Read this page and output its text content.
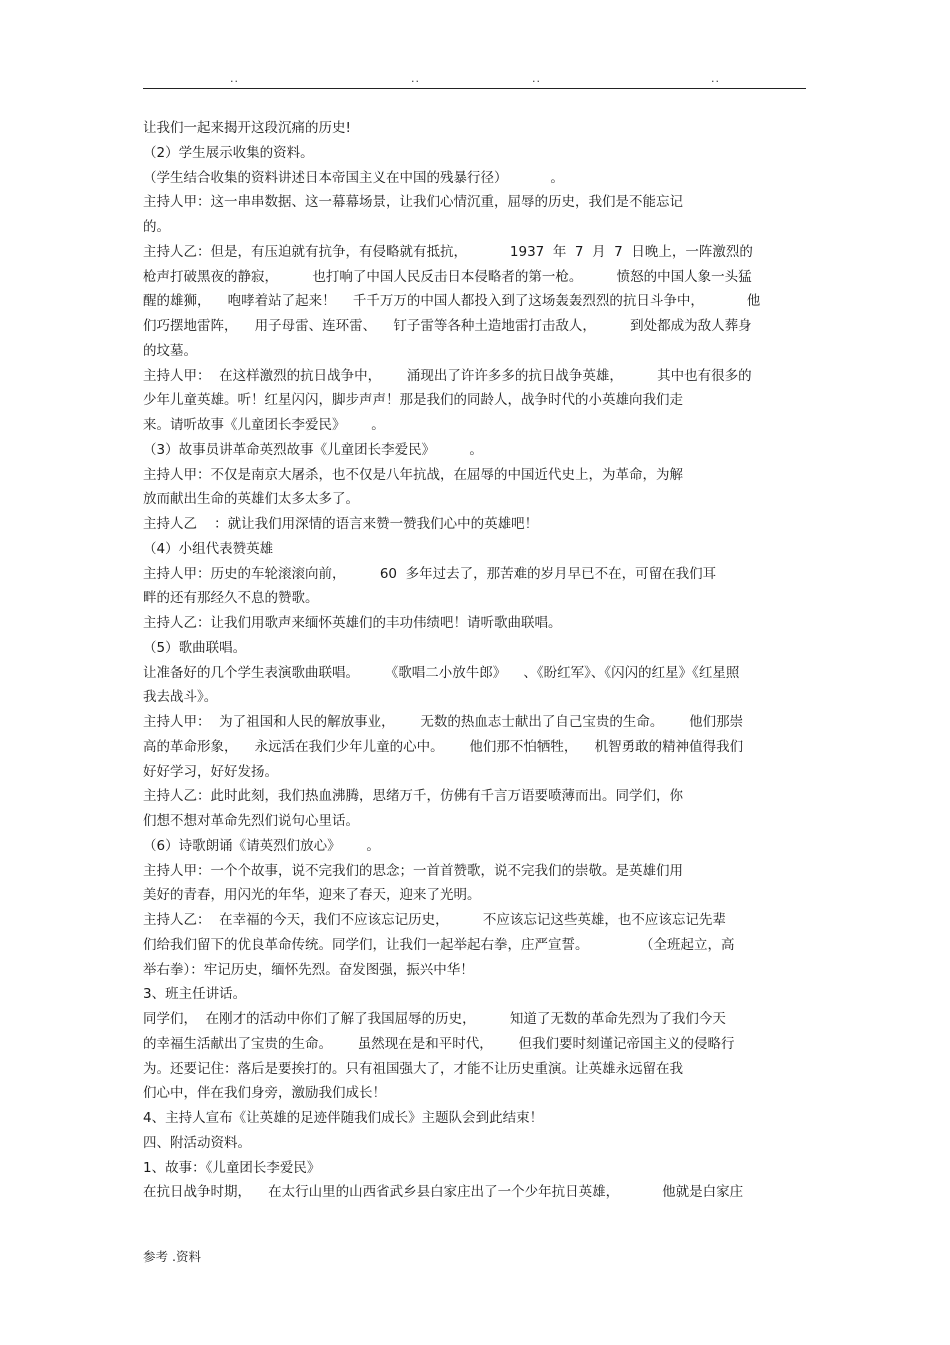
..	..	..	..
让我们一起来揭开这段沉痛的历史!
（2）学生展示收集的资料。
（学生结合收集的资料讲述日本帝国主义在中国的残暴行径）          。
主持人甲：这一串串数据、这一幕幕场景，让我们心情沉重，屈辱的历史，我们是不能忘记
的。
主持人乙：但是，有压迫就有抗争，有侵略就有抵抗，          1937  年  7  月  7  日晚上，一阵激烈的
枪声打破黑夜的静寂，        也打响了中国人民反击日本侵略者的第一枪。        愤怒的中国人象一头猛
醒的雄狮，    咆哮着站了起来！    千千万万的中国人都投入到了这场轰轰烈烈的抗日斗争中，          他
们巧摆地雷阵，    用子母雷、连环雷、    钉子雷等各种土造地雷打击敌人，        到处都成为敌人葬身
的坟墓。
主持人甲：  在这样激烈的抗日战争中，      涌现出了许许多多的抗日战争英雄，        其中也有很多的
少年儿童英雄。听！红星闪闪，脚步声声！那是我们的同龄人，战争时代的小英雄向我们走
来。请听故事《儿童团长李爱民》      。
（3）故事员讲革命英烈故事《儿童团长李爱民》        。
主持人甲：不仅是南京大屠杀，也不仅是八年抗战，在屈辱的中国近代史上，为革命，为解
放而献出生命的英雄们太多太多了。
主持人乙    ：就让我们用深情的语言来赞一赞我们心中的英雄吧！
（4）小组代表赞英雄
主持人甲：历史的车轮滚滚向前，        60  多年过去了，那苦难的岁月早已不在，可留在我们耳
畔的还有那经久不息的赞歌。
主持人乙：让我们用歌声来缅怀英雄们的丰功伟绩吧！请听歌曲联唱。
（5）歌曲联唱。
让准备好的几个学生表演歌曲联唱。      《歌唱二小放牛郎》    、《盼红军》、《闪闪的红星》《红星照
我去战斗》。
主持人甲：  为了祖国和人民的解放事业，      无数的热血志士献出了自己宝贵的生命。      他们那崇
高的革命形象，    永远活在我们少年儿童的心中。      他们那不怕牺牲，    机智勇敢的精神值得我们
好好学习，好好发扬。
主持人乙：此时此刻，我们热血沸腾，思绪万千，仿佛有千言万语要喷薄而出。同学们，你
们想不想对革命先烈们说句心里话。
（6）诗歌朗诵《请英烈们放心》      。
主持人甲：一个个故事，说不完我们的思念；一首首赞歌，说不完我们的崇敬。是英雄们用
美好的青春，用闪光的年华，迎来了春天，迎来了光明。
主持人乙：  在幸福的今天，我们不应该忘记历史，        不应该忘记这些英雄，也不应该忘记先辈
们给我们留下的优良革命传统。同学们，让我们一起举起右拳，庄严宣誓。            （全班起立，高
举右拳）：牢记历史，缅怀先烈。奋发图强，振兴中华！
3、班主任讲话。
同学们，  在刚才的活动中你们了解了我国屈辱的历史，        知道了无数的革命先烈为了我们今天
的幸福生活献出了宝贵的生命。      虽然现在是和平时代，      但我们要时刻谨记帝国主义的侵略行
为。还要记住：落后是要挨打的。只有祖国强大了，才能不让历史重演。让英雄永远留在我
们心中，伴在我们身旁，激励我们成长！
4、主持人宣布《让英雄的足迹伴随我们成长》主题队会到此结束！
四、附活动资料。
1、故事：《儿童团长李爱民》
在抗日战争时期，    在太行山里的山西省武乡县白家庄出了一个少年抗日英雄，          他就是白家庄
参考 .资料
